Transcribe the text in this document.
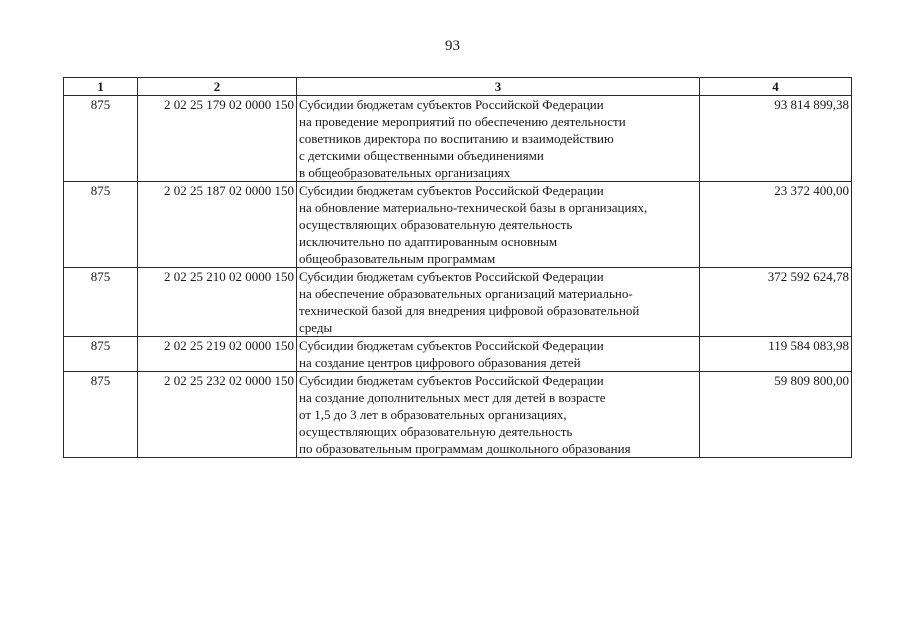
93
1	2	3	4
875	2 02 25 179 02 0000 150	Субсидии бюджетам субъектов Российской Федерации
на проведение мероприятий по обеспечению деятельности
советников директора по воспитанию и взаимодействию
с детскими общественными объединениями
в общеобразовательных организациях	93 814 899,38
875	2 02 25 187 02 0000 150	Субсидии бюджетам субъектов Российской Федерации
на обновление материально-технической базы в организациях,
осуществляющих образовательную деятельность
исключительно по адаптированным основным
общеобразовательным программам	23 372 400,00
875	2 02 25 210 02 0000 150	Субсидии бюджетам субъектов Российской Федерации
на обеспечение образовательных организаций материально-
технической базой для внедрения цифровой образовательной
среды	372 592 624,78
875	2 02 25 219 02 0000 150	Субсидии бюджетам субъектов Российской Федерации
на создание центров цифрового образования детей	119 584 083,98
875	2 02 25 232 02 0000 150	Субсидии бюджетам субъектов Российской Федерации
на создание дополнительных мест для детей в возрасте
от 1,5 до 3 лет в образовательных организациях,
осуществляющих образовательную деятельность
по образовательным программам дошкольного образования	59 809 800,00
